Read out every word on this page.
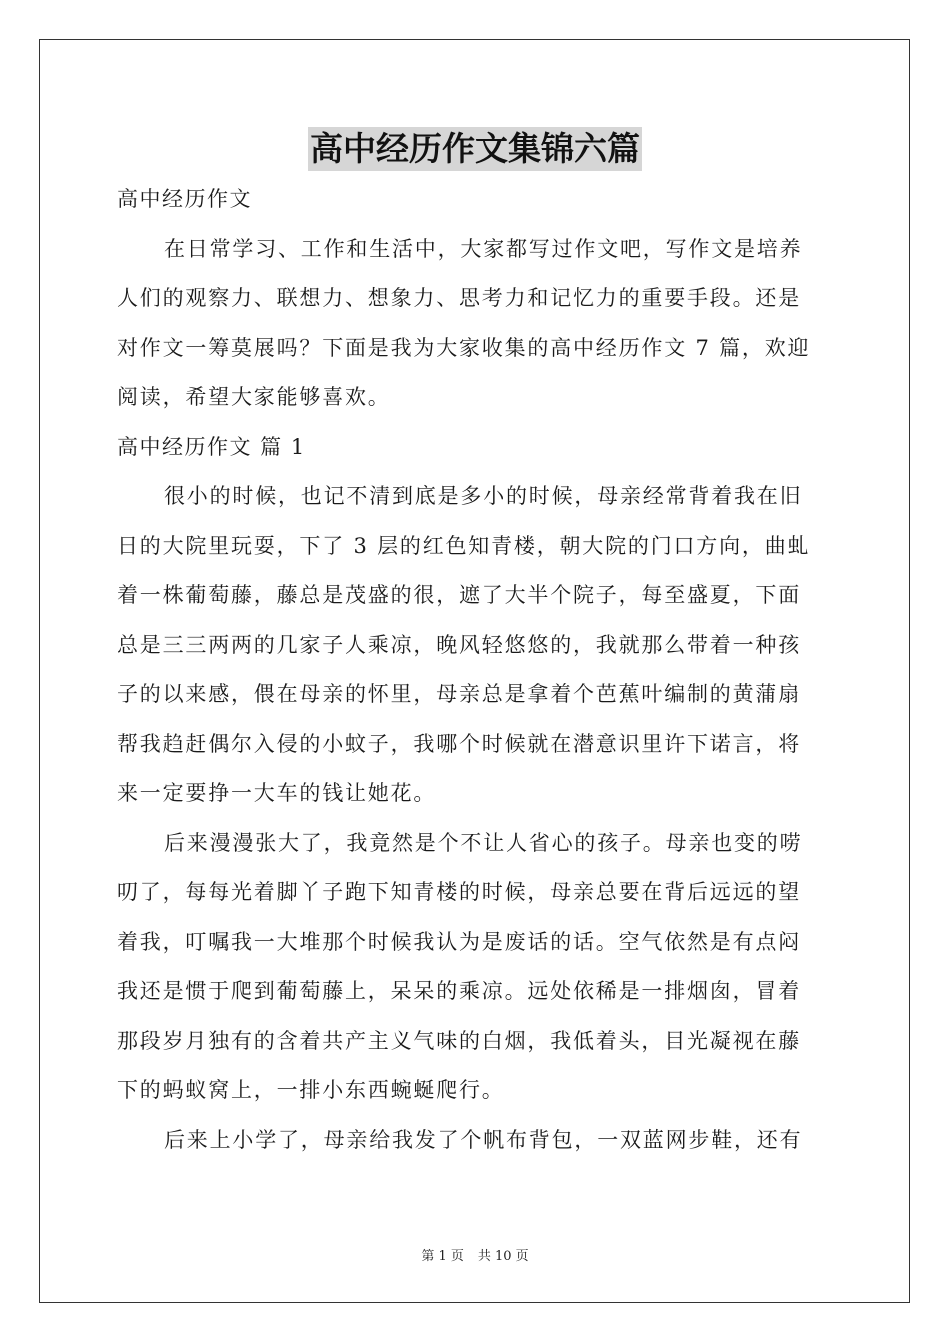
高中经历作文集锦六篇
高中经历作文
在日常学习、工作和生活中，大家都写过作文吧，写作文是培养
人们的观察力、联想力、想象力、思考力和记忆力的重要手段。还是
对作文一筹莫展吗？下面是我为大家收集的高中经历作文 7 篇，欢迎
阅读，希望大家能够喜欢。
高中经历作文 篇 1
很小的时候，也记不清到底是多小的时候，母亲经常背着我在旧
日的大院里玩耍，下了 3 层的红色知青楼，朝大院的门口方向，曲虬
着一株葡萄藤，藤总是茂盛的很，遮了大半个院子，每至盛夏，下面
总是三三两两的几家子人乘凉，晚风轻悠悠的，我就那么带着一种孩
子的以来感，偎在母亲的怀里，母亲总是拿着个芭蕉叶编制的黄蒲扇
帮我趋赶偶尔入侵的小蚊子，我哪个时候就在潜意识里许下诺言，将
来一定要挣一大车的钱让她花。
后来漫漫张大了，我竟然是个不让人省心的孩子。母亲也变的唠
叨了，每每光着脚丫子跑下知青楼的时候，母亲总要在背后远远的望
着我，叮嘱我一大堆那个时候我认为是废话的话。空气依然是有点闷
我还是惯于爬到葡萄藤上，呆呆的乘凉。远处依稀是一排烟囱，冒着
那段岁月独有的含着共产主义气味的白烟，我低着头，目光凝视在藤
下的蚂蚁窝上，一排小东西蜿蜒爬行。
后来上小学了，母亲给我发了个帆布背包，一双蓝网步鞋，还有
第 1 页 共 10 页
